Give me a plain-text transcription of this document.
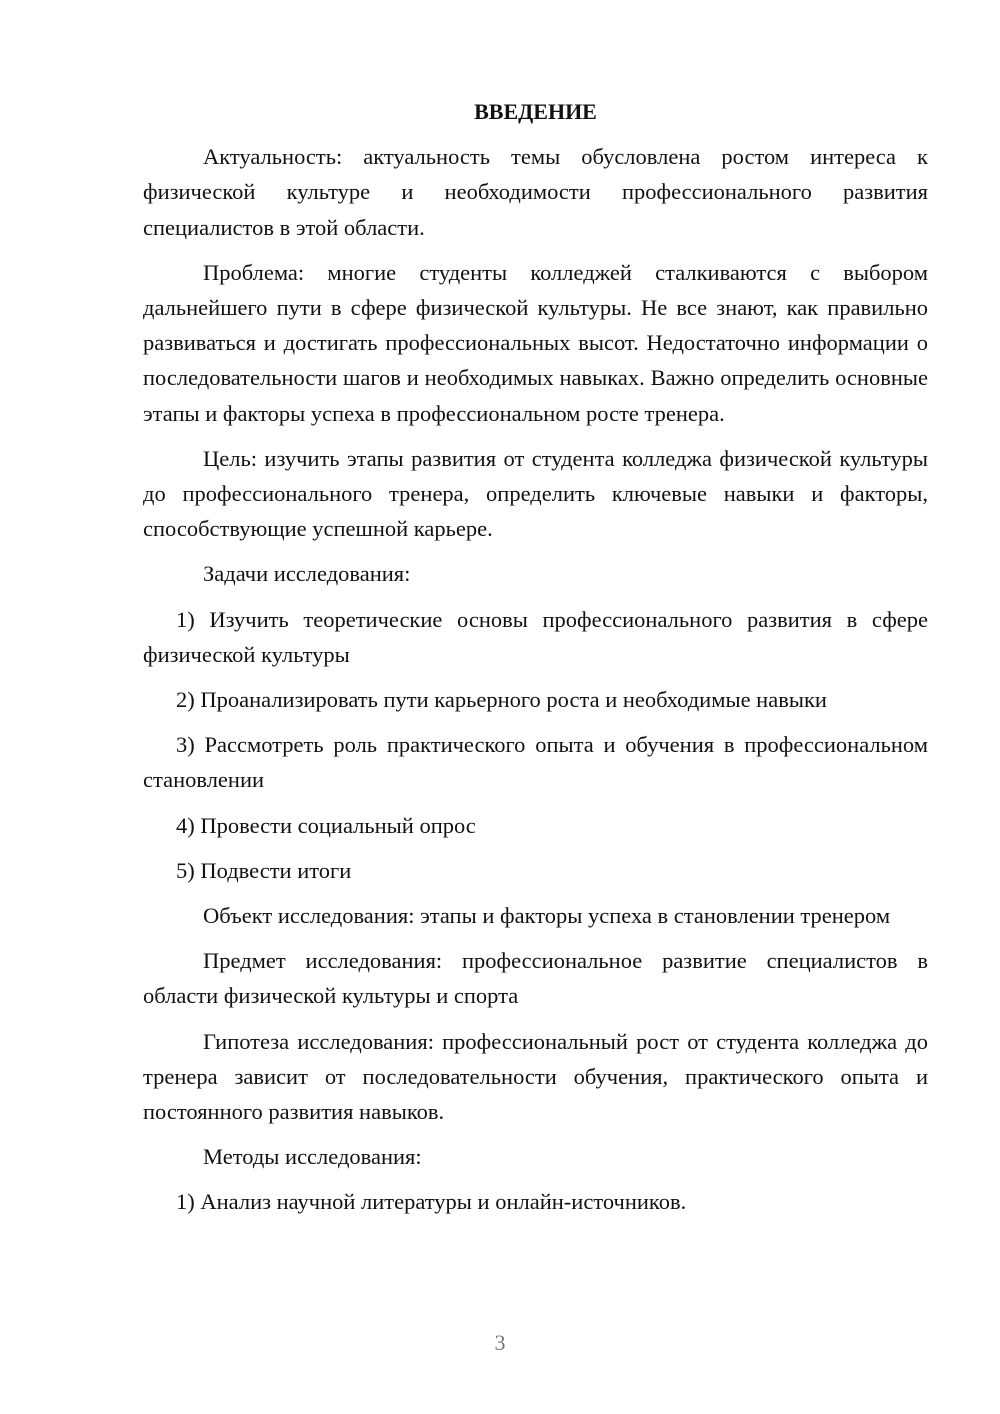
ВВЕДЕНИЕ

Актуальность: актуальность темы обусловлена ростом интереса к физической культуре и необходимости профессионального развития специалистов в этой области.

Проблема: многие студенты колледжей сталкиваются с выбором дальнейшего пути в сфере физической культуры. Не все знают, как правильно развиваться и достигать профессиональных высот. Недостаточно информации о последовательности шагов и необходимых навыках. Важно определить основные этапы и факторы успеха в профессиональном росте тренера.

Цель: изучить этапы развития от студента колледжа физической культуры до профессионального тренера, определить ключевые навыки и факторы, способствующие успешной карьере.

Задачи исследования:

1) Изучить теоретические основы профессионального развития в сфере физической культуры

2) Проанализировать пути карьерного роста и необходимые навыки

3) Рассмотреть роль практического опыта и обучения в профессиональном становлении

4) Провести социальный опрос

5) Подвести итоги

Объект исследования: этапы и факторы успеха в становлении тренером

Предмет исследования: профессиональное развитие специалистов в области физической культуры и спорта

Гипотеза исследования: профессиональный рост от студента колледжа до тренера зависит от последовательности обучения, практического опыта и постоянного развития навыков.

Методы исследования:

1) Анализ научной литературы и онлайн-источников.

3
